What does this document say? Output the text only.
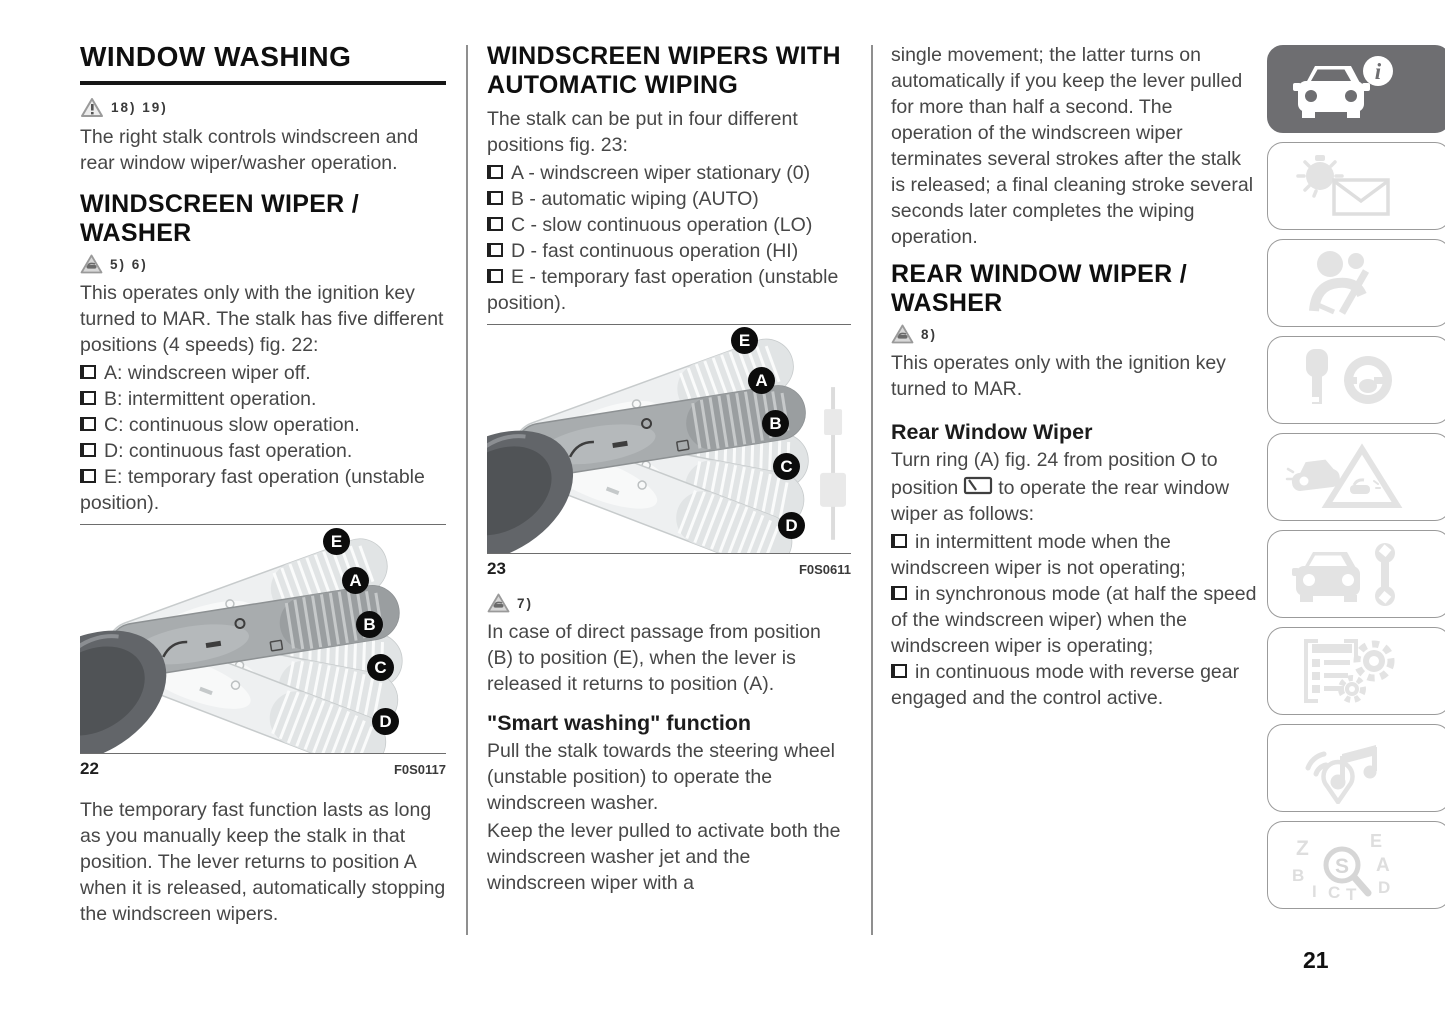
WINDOW WASHING
18) 19)

The right stalk controls windscreen and rear window wiper/washer operation.

WINDSCREEN WIPER / WASHER
5) 6)

This operates only with the ignition key turned to MAR. The stalk has five different positions (4 speeds) fig. 22:

A: windscreen wiper off.
B: intermittent operation.
C: continuous slow operation.
D: continuous fast operation.
E: temporary fast operation (unstable position).
E
A
B
C
D
22	F0S0117

The temporary fast function lasts as long as you manually keep the stalk in that position. The lever returns to position A when it is released, automatically stopping the windscreen wipers.

WINDSCREEN WIPERS WITH AUTOMATIC WIPING

The stalk can be put in four different positions fig. 23:

A - windscreen wiper stationary (0)
B - automatic wiping (AUTO)
C - slow continuous operation (LO)
D - fast continuous operation (HI)
E - temporary fast operation (unstable position).
E
A
B
C
D
23	F0S0611
7)

In case of direct passage from position (B) to position (E), when the lever is released it returns to position (A).

"Smart washing" function

Pull the stalk towards the steering wheel (unstable position) to operate the windscreen washer.

Keep the lever pulled to activate both the windscreen washer jet and the windscreen wiper with a

single movement; the latter turns on automatically if you keep the lever pulled for more than half a second. The operation of the windscreen wiper terminates several strokes after the stalk is released; a final cleaning stroke several seconds later completes the wiping operation.

REAR WINDOW WIPER / WASHER
8)

This operates only with the ignition key turned to MAR.

Rear Window Wiper

Turn ring (A) fig. 24 from position O to position to operate the rear window wiper as follows:

in intermittent mode when the windscreen wiper is not operating;
in synchronous mode (at half the speed of the windscreen wiper) when the windscreen wiper is operating;
in continuous mode with reverse gear engaged and the control active.
i
Z	E
B	A
I C T D
S
21
